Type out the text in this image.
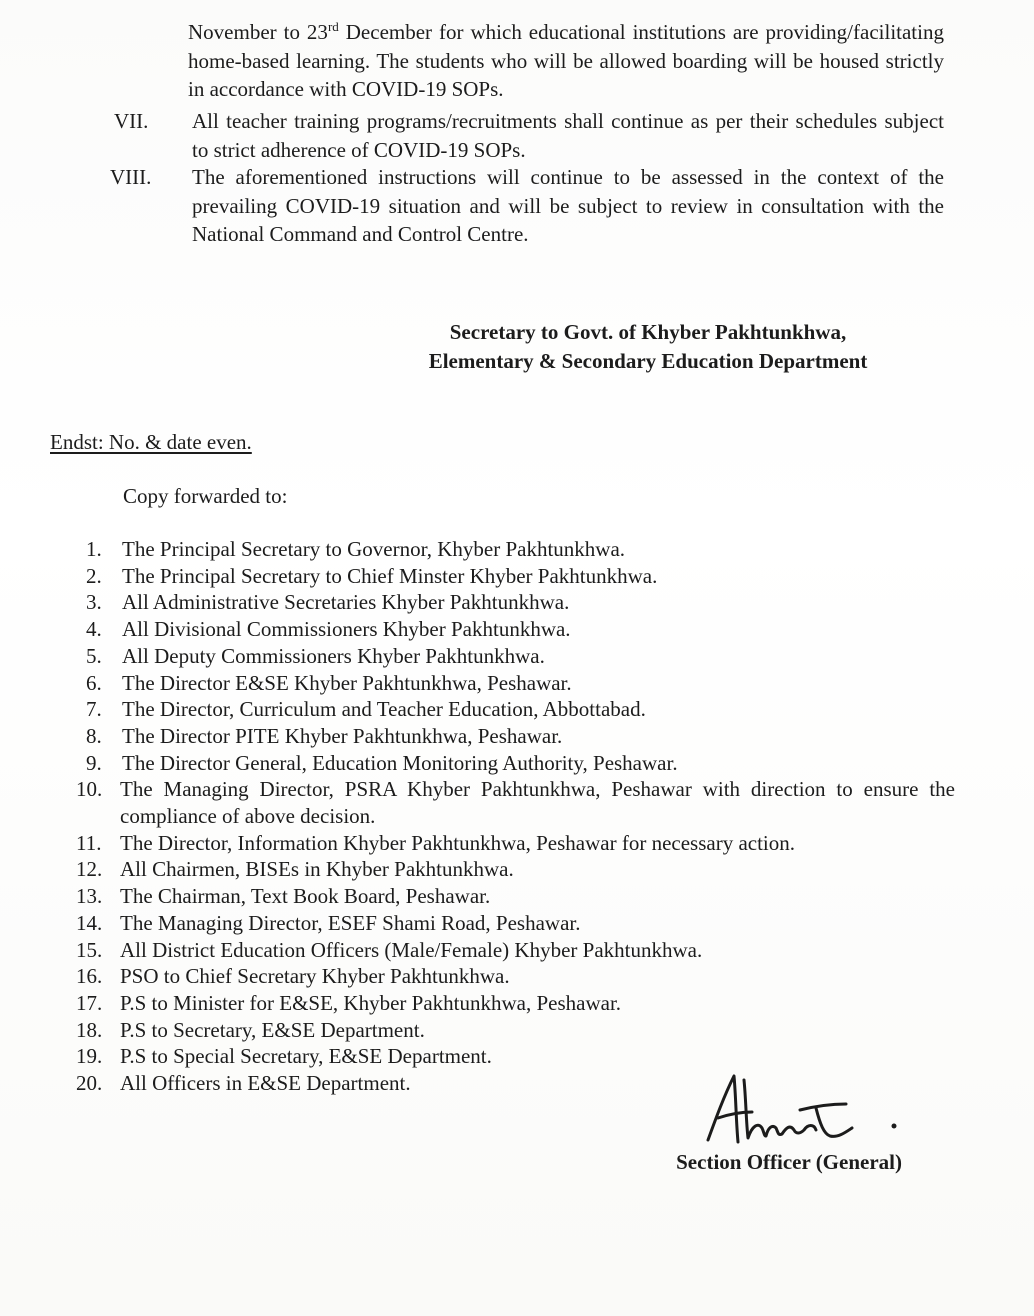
November to 23rd December for which educational institutions are providing/facilitating home-based learning. The students who will be allowed boarding will be housed strictly in accordance with COVID-19 SOPs.
VII. All teacher training programs/recruitments shall continue as per their schedules subject to strict adherence of COVID-19 SOPs.
VIII. The aforementioned instructions will continue to be assessed in the context of the prevailing COVID-19 situation and will be subject to review in consultation with the National Command and Control Centre.
Secretary to Govt. of Khyber Pakhtunkhwa,
Elementary & Secondary Education Department
Endst: No. & date even.
Copy forwarded to:
1. The Principal Secretary to Governor, Khyber Pakhtunkhwa.
2. The Principal Secretary to Chief Minster Khyber Pakhtunkhwa.
3. All Administrative Secretaries Khyber Pakhtunkhwa.
4. All Divisional Commissioners Khyber Pakhtunkhwa.
5. All Deputy Commissioners Khyber Pakhtunkhwa.
6. The Director E&SE Khyber Pakhtunkhwa, Peshawar.
7. The Director, Curriculum and Teacher Education, Abbottabad.
8. The Director PITE Khyber Pakhtunkhwa, Peshawar.
9. The Director General, Education Monitoring Authority, Peshawar.
10. The Managing Director, PSRA Khyber Pakhtunkhwa, Peshawar with direction to ensure the compliance of above decision.
11. The Director, Information Khyber Pakhtunkhwa, Peshawar for necessary action.
12. All Chairmen, BISEs in Khyber Pakhtunkhwa.
13. The Chairman, Text Book Board, Peshawar.
14. The Managing Director, ESEF Shami Road, Peshawar.
15. All District Education Officers (Male/Female) Khyber Pakhtunkhwa.
16. PSO to Chief Secretary Khyber Pakhtunkhwa.
17. P.S to Minister for E&SE, Khyber Pakhtunkhwa, Peshawar.
18. P.S to Secretary, E&SE Department.
19. P.S to Special Secretary, E&SE Department.
20. All Officers in E&SE Department.
Section Officer (General)
